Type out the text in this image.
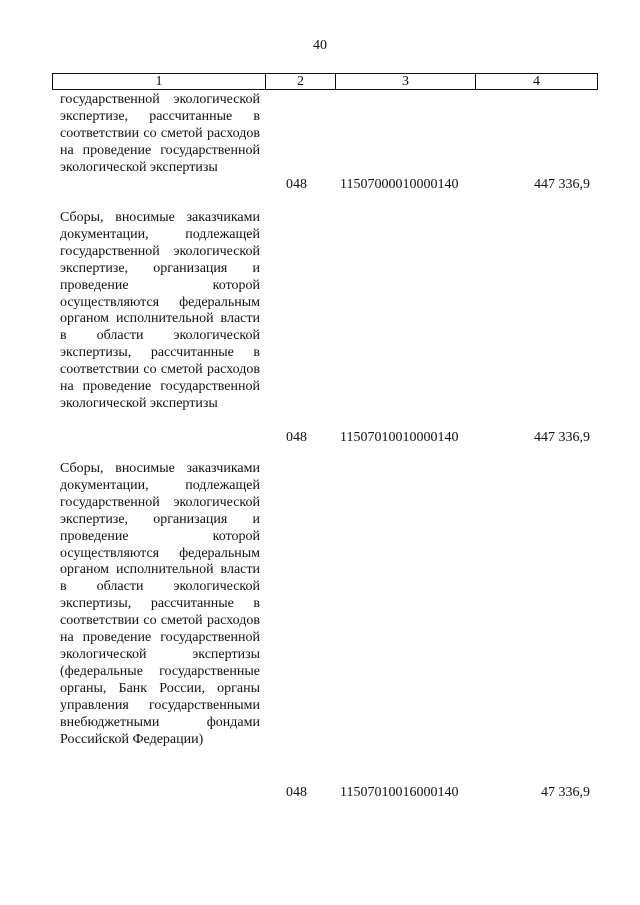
40
1	2	3	4
государственной экологической экспертизе, рассчитанные в соответствии со сметой расходов на проведение государственной экологической экспертизы
048	11507000010000140	447 336,9
Сборы, вносимые заказчиками документации, подлежащей государственной экологической экспертизе, организация и проведение которой осуществляются федеральным органом исполнительной власти в области экологической экспертизы, рассчитанные в соответствии со сметой расходов на проведение государственной экологической экспертизы
048	11507010010000140	447 336,9
Сборы, вносимые заказчиками документации, подлежащей государственной экологической экспертизе, организация и проведение которой осуществляются федеральным органом исполнительной власти в области экологической экспертизы, рассчитанные в соответствии со сметой расходов на проведение государственной экологической экспертизы (федеральные государственные органы, Банк России, органы управления государственными внебюджетными фондами Российской Федерации)
048	11507010016000140	47 336,9
